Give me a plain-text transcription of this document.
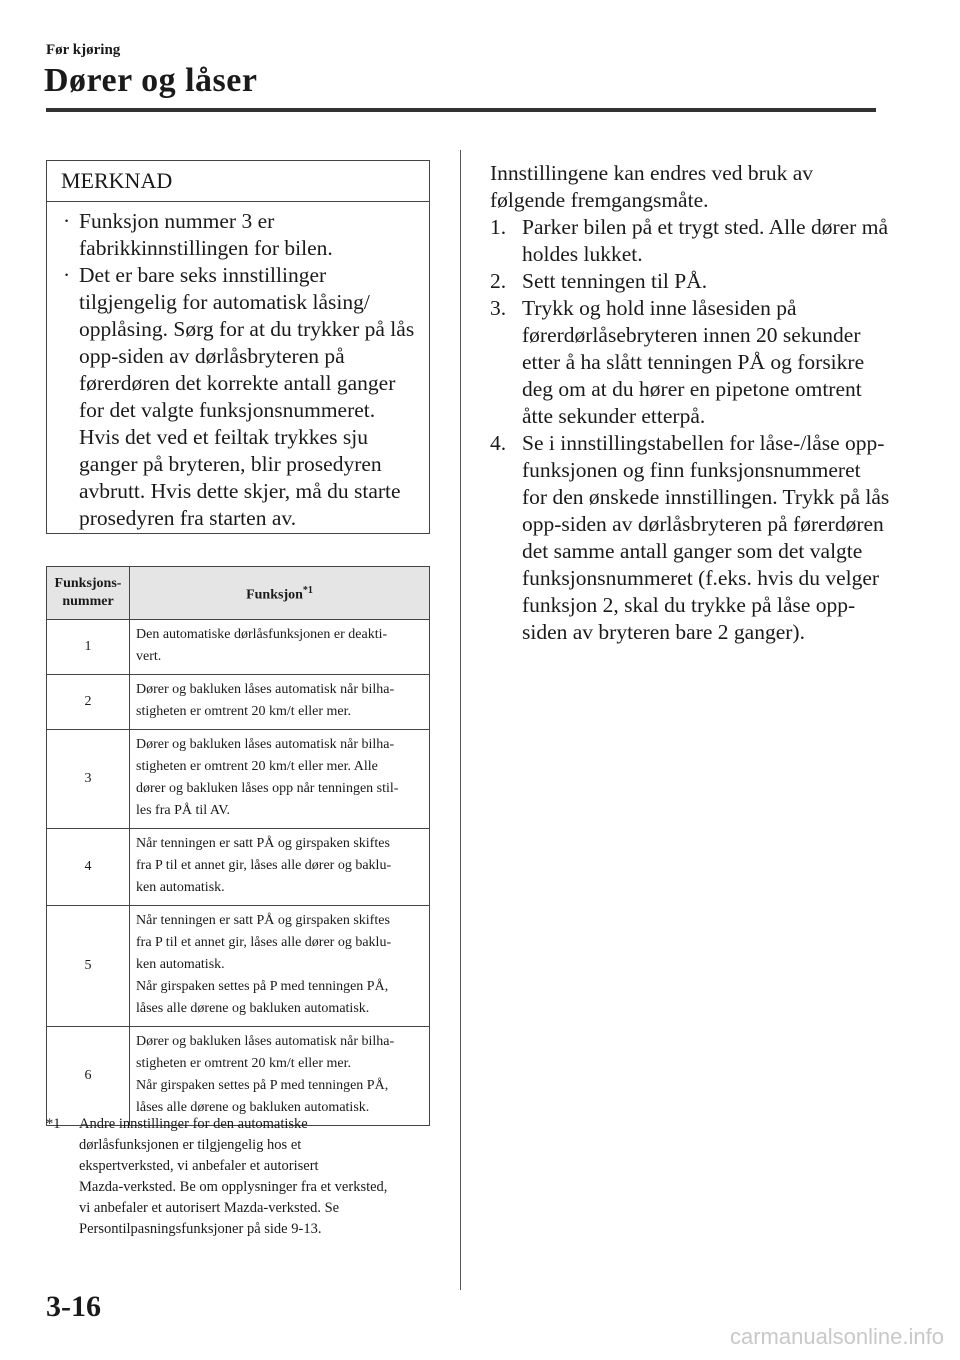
Før kjøring
Dører og låser
MERKNAD
· Funksjon nummer 3 er fabrikkinnstillingen for bilen.
· Det er bare seks innstillinger tilgjengelig for automatisk låsing/ opplåsing. Sørg for at du trykker på lås opp-siden av dørlåsbryteren på førerdøren det korrekte antall ganger for det valgte funksjonsnummeret. Hvis det ved et feiltak trykkes sju ganger på bryteren, blir prosedyren avbrutt. Hvis dette skjer, må du starte prosedyren fra starten av.
Funksjons-
nummer	Funksjon$^{*1}$
1	Den automatiske dørlåsfunksjonen er deakti-
vert.

2	Dører og bakluken låses automatisk når bilha-
stigheten er omtrent 20 km/t eller mer.

3	Dører og bakluken låses automatisk når bilha-
stigheten er omtrent 20 km/t eller mer. Alle
dører og bakluken låses opp når tenningen stil-
les fra PÅ til AV.

4	Når tenningen er satt PÅ og girspaken skiftes
fra P til et annet gir, låses alle dører og baklu-
ken automatisk.

5	Når tenningen er satt PÅ og girspaken skiftes
fra P til et annet gir, låses alle dører og baklu-
ken automatisk.
Når girspaken settes på P med tenningen PÅ,
låses alle dørene og bakluken automatisk.

6	Dører og bakluken låses automatisk når bilha-
stigheten er omtrent 20 km/t eller mer.
Når girspaken settes på P med tenningen PÅ,
låses alle dørene og bakluken automatisk.
*1 Andre innstillinger for den automatiske
dørlåsfunksjonen er tilgjengelig hos et
ekspertverksted, vi anbefaler et autorisert
Mazda-verksted. Be om opplysninger fra et verksted,
vi anbefaler et autorisert Mazda-verksted. Se
Persontilpasningsfunksjoner på side 9-13.

Innstillingene kan endres ved bruk av følgende fremgangsmåte.

1. Parker bilen på et trygt sted. Alle dører må holdes lukket.
2. Sett tenningen til PÅ.
3. Trykk og hold inne låsesiden på førerdørlåsebryteren innen 20 sekunder etter å ha slått tenningen PÅ og forsikre deg om at du hører en pipetone omtrent åtte sekunder etterpå.
4. Se i innstillingstabellen for låse-/låse opp-funksjonen og finn funksjonsnummeret for den ønskede innstillingen. Trykk på lås opp-siden av dørlåsbryteren på førerdøren det samme antall ganger som det valgte funksjonsnummeret (f.eks. hvis du velger funksjon 2, skal du trykke på låse opp-siden av bryteren bare 2 ganger).
3-16
carmanualsonline.info
